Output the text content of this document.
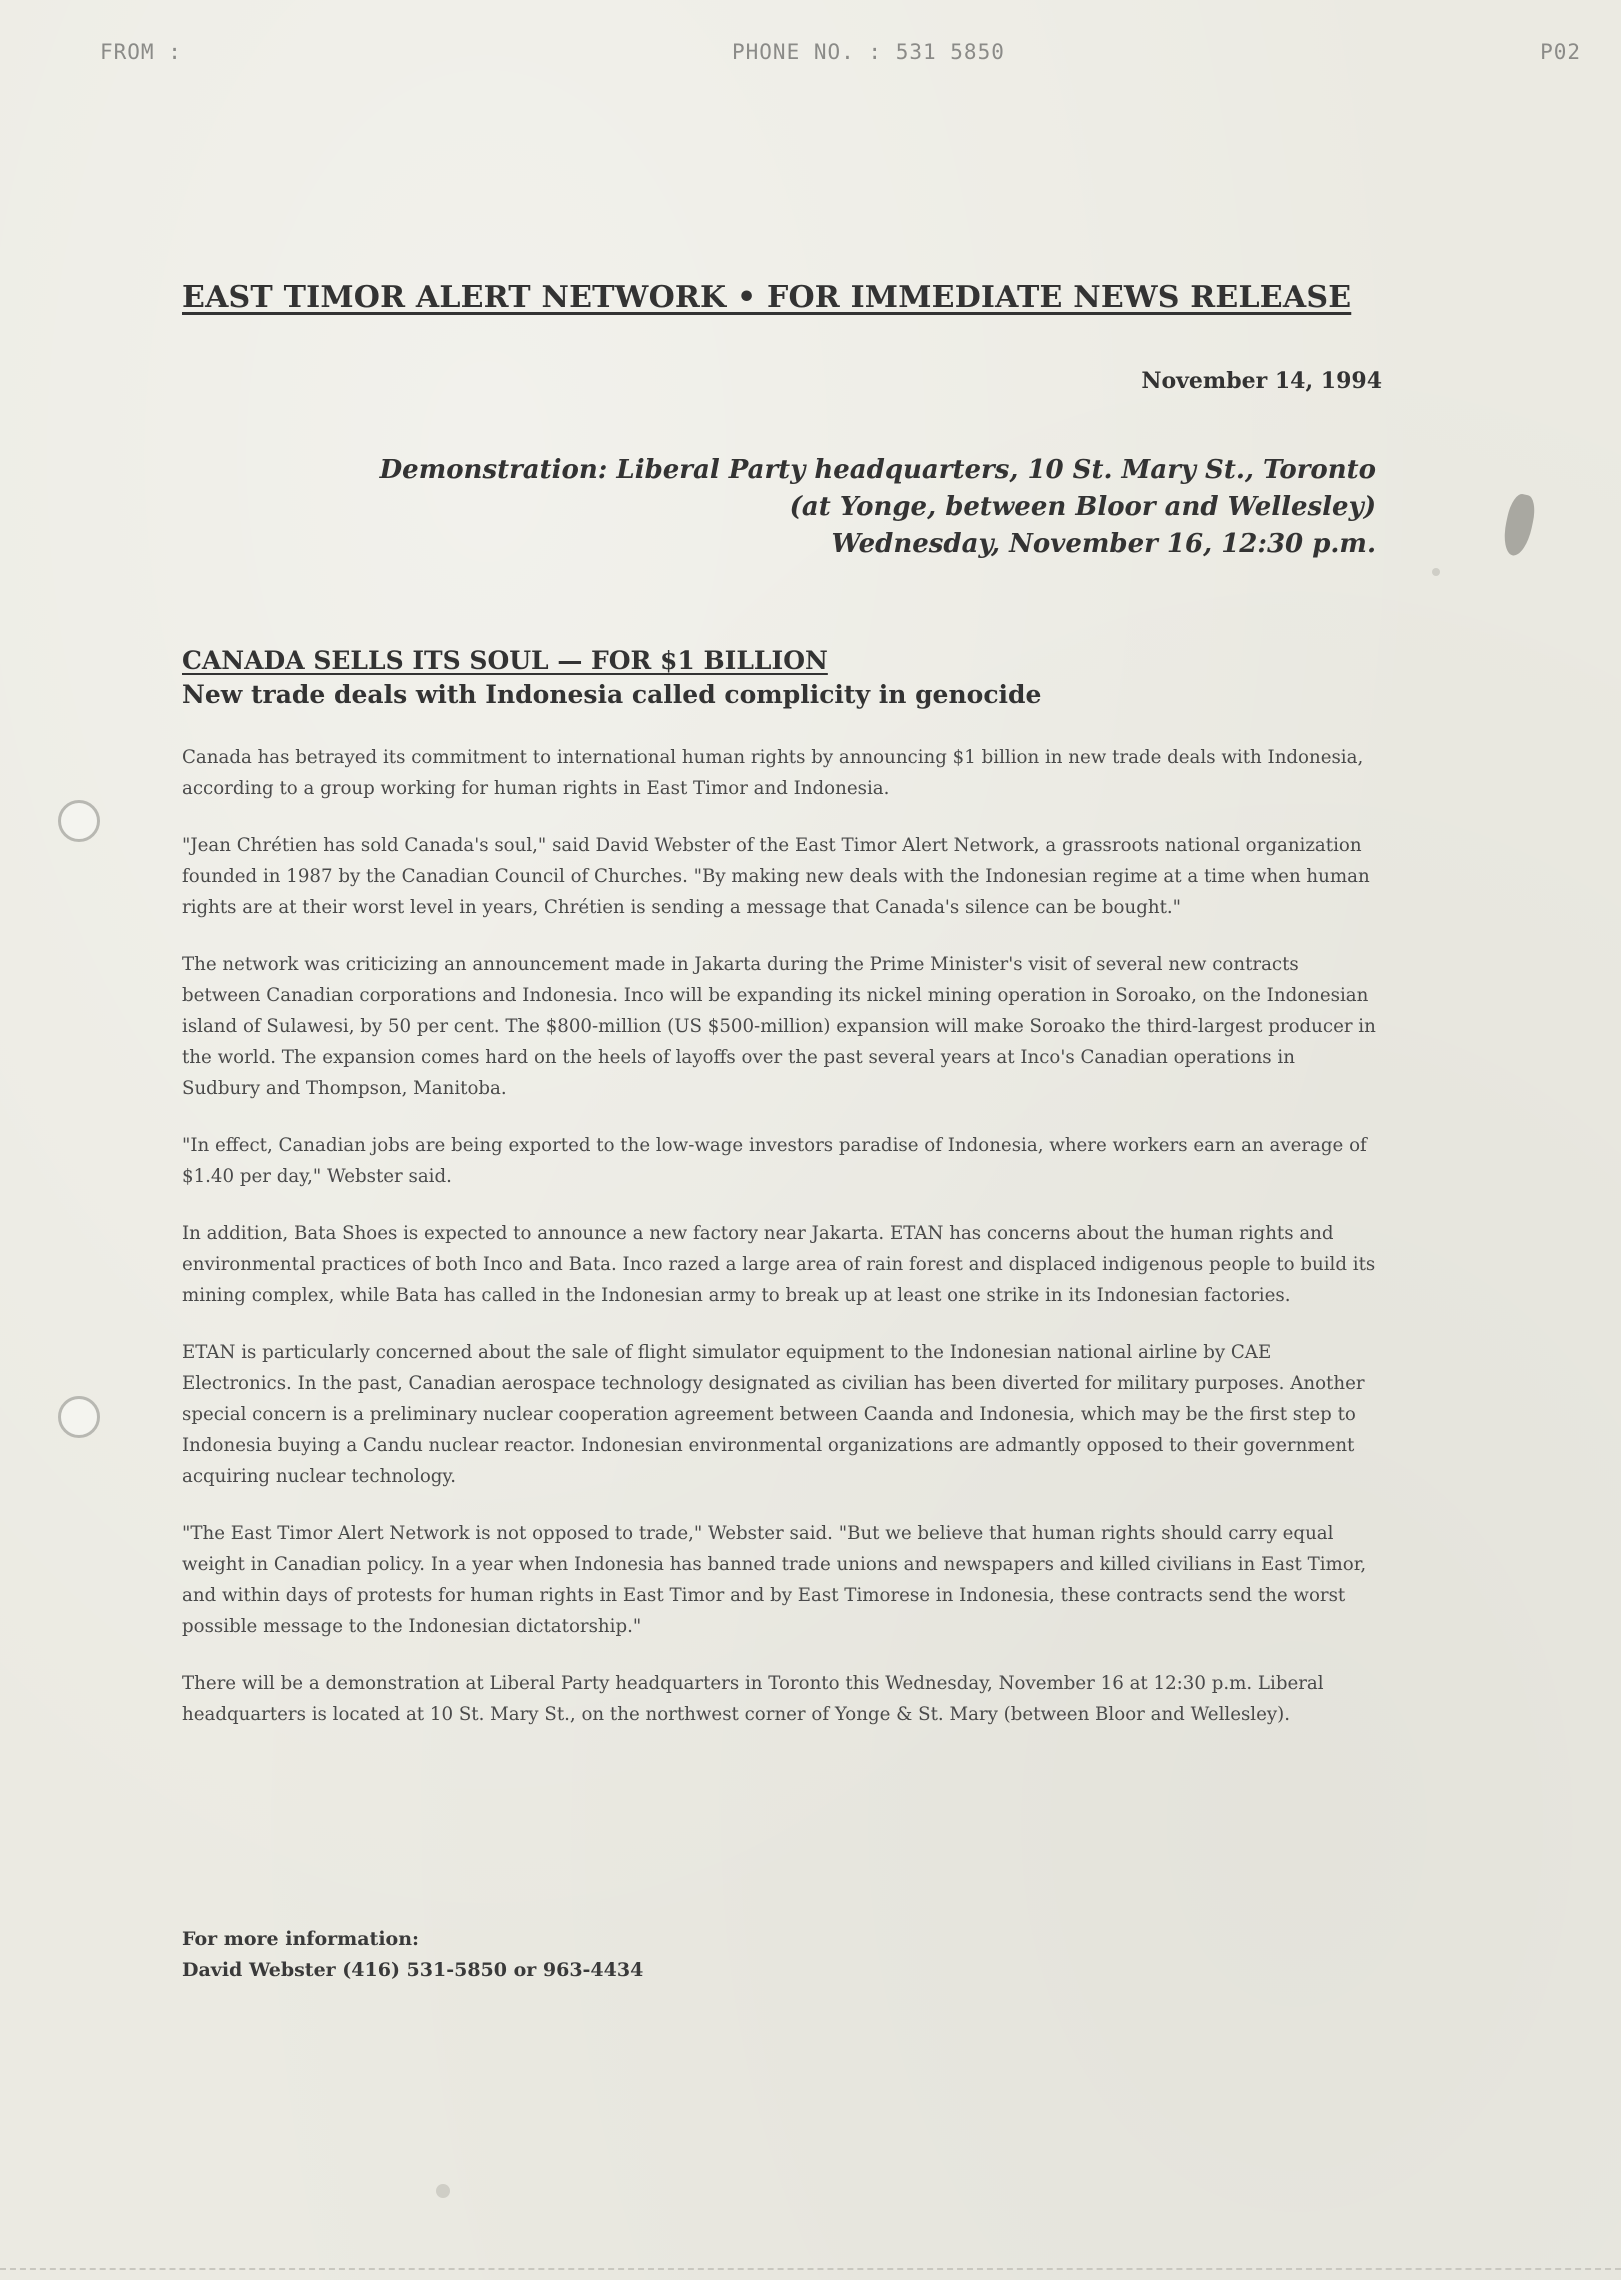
FROM :	PHONE NO. : 531 5850	P02
EAST TIMOR ALERT NETWORK • FOR IMMEDIATE NEWS RELEASE
November 14, 1994
Demonstration: Liberal Party headquarters, 10 St. Mary St., Toronto
(at Yonge, between Bloor and Wellesley)
Wednesday, November 16, 12:30 p.m.
CANADA SELLS ITS SOUL — FOR $1 BILLION
New trade deals with Indonesia called complicity in genocide

Canada has betrayed its commitment to international human rights by announcing $1 billion in new trade deals with Indonesia, according to a group working for human rights in East Timor and Indonesia.

"Jean Chrétien has sold Canada's soul," said David Webster of the East Timor Alert Network, a grassroots national organization founded in 1987 by the Canadian Council of Churches. "By making new deals with the Indonesian regime at a time when human rights are at their worst level in years, Chrétien is sending a message that Canada's silence can be bought."

The network was criticizing an announcement made in Jakarta during the Prime Minister's visit of several new contracts between Canadian corporations and Indonesia. Inco will be expanding its nickel mining operation in Soroako, on the Indonesian island of Sulawesi, by 50 per cent. The $800-million (US $500-million) expansion will make Soroako the third-largest producer in the world. The expansion comes hard on the heels of layoffs over the past several years at Inco's Canadian operations in Sudbury and Thompson, Manitoba.

"In effect, Canadian jobs are being exported to the low-wage investors paradise of Indonesia, where workers earn an average of $1.40 per day," Webster said.

In addition, Bata Shoes is expected to announce a new factory near Jakarta. ETAN has concerns about the human rights and environmental practices of both Inco and Bata. Inco razed a large area of rain forest and displaced indigenous people to build its mining complex, while Bata has called in the Indonesian army to break up at least one strike in its Indonesian factories.

ETAN is particularly concerned about the sale of flight simulator equipment to the Indonesian national airline by CAE Electronics. In the past, Canadian aerospace technology designated as civilian has been diverted for military purposes. Another special concern is a preliminary nuclear cooperation agreement between Caanda and Indonesia, which may be the first step to Indonesia buying a Candu nuclear reactor. Indonesian environmental organizations are admantly opposed to their government acquiring nuclear technology.

"The East Timor Alert Network is not opposed to trade," Webster said. "But we believe that human rights should carry equal weight in Canadian policy. In a year when Indonesia has banned trade unions and newspapers and killed civilians in East Timor, and within days of protests for human rights in East Timor and by East Timorese in Indonesia, these contracts send the worst possible message to the Indonesian dictatorship."

There will be a demonstration at Liberal Party headquarters in Toronto this Wednesday, November 16 at 12:30 p.m. Liberal headquarters is located at 10 St. Mary St., on the northwest corner of Yonge & St. Mary (between Bloor and Wellesley).

For more information:
David Webster (416) 531-5850 or 963-4434
